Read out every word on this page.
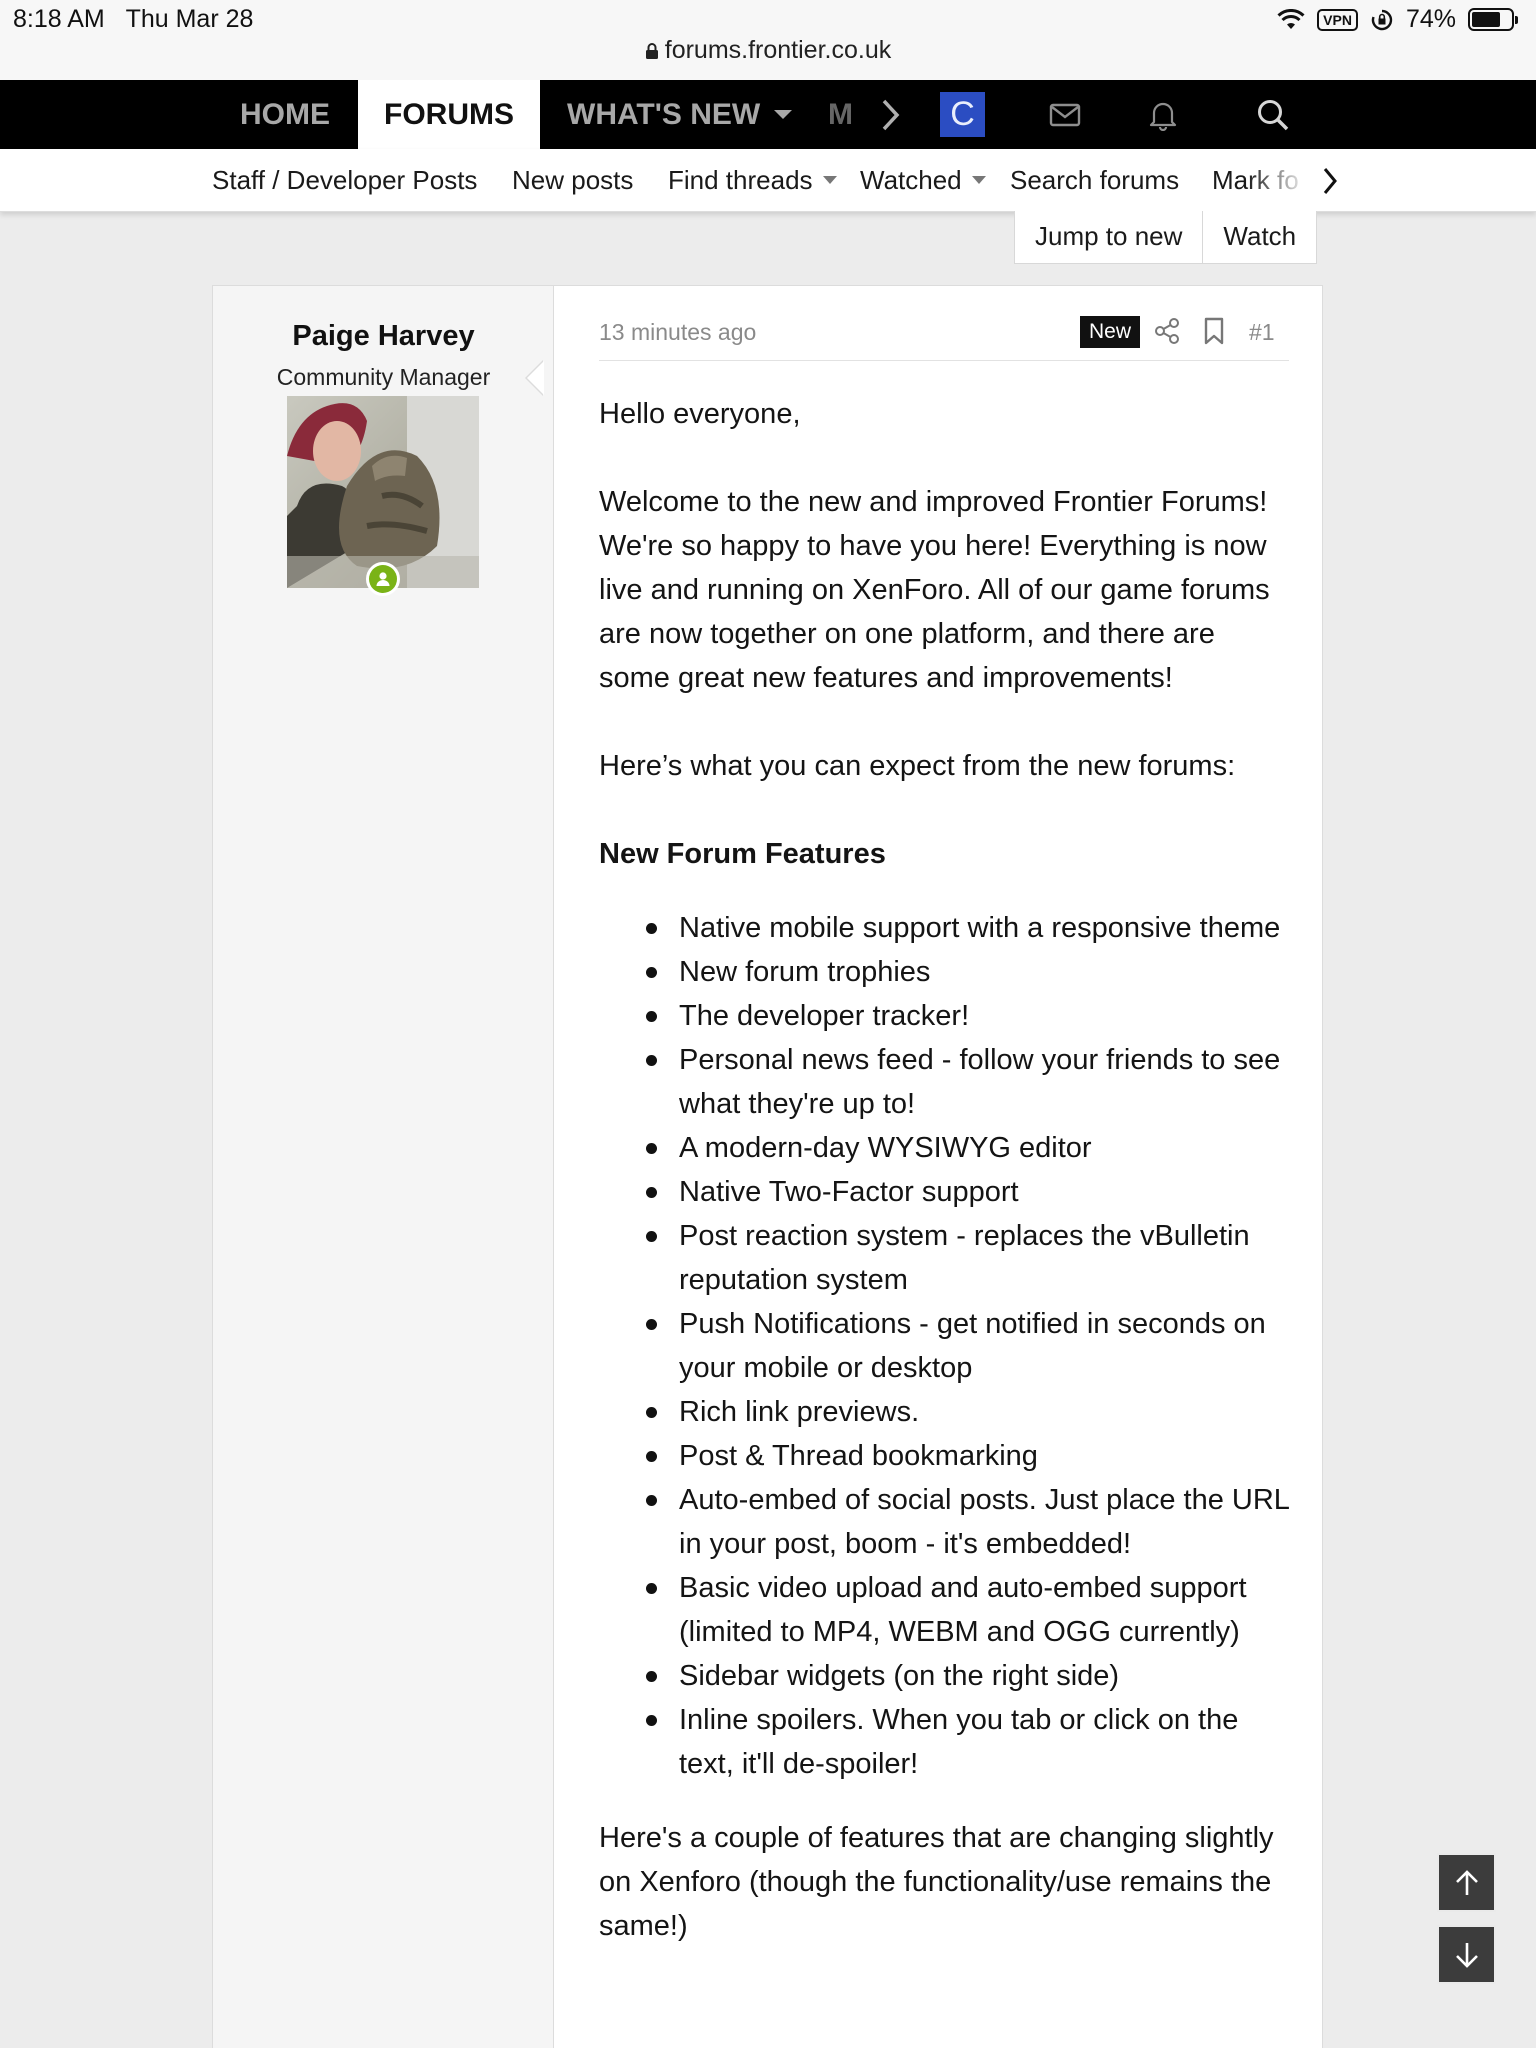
8:18 AM Thu Mar 28	VPN 74%
forums.frontier.co.uk
HOME	FORUMS	WHAT'S NEW	M	C
Staff / Developer Posts New posts Find threads	Watched	Search forums Mark fo
Jump to new	Watch
Paige Harvey
Community Manager
13 minutes ago	New	#1

Hello everyone,

Welcome to the new and improved Frontier Forums! We're so happy to have you here! Everything is now live and running on XenForo. All of our game forums are now together on one platform, and there are some great new features and improvements!

Here’s what you can expect from the new forums:

New Forum Features
Native mobile support with a responsive theme
New forum trophies
The developer tracker!
Personal news feed - follow your friends to see what they're up to!
A modern-day WYSIWYG editor
Native Two-Factor support
Post reaction system - replaces the vBulletin reputation system
Push Notifications - get notified in seconds on your mobile or desktop
Rich link previews.
Post & Thread bookmarking
Auto-embed of social posts. Just place the URL in your post, boom - it's embedded!
Basic video upload and auto-embed support (limited to MP4, WEBM and OGG currently)
Sidebar widgets (on the right side)
Inline spoilers. When you tab or click on the text, it'll de-spoiler!

Here's a couple of features that are changing slightly on Xenforo (though the functionality/use remains the same!)
